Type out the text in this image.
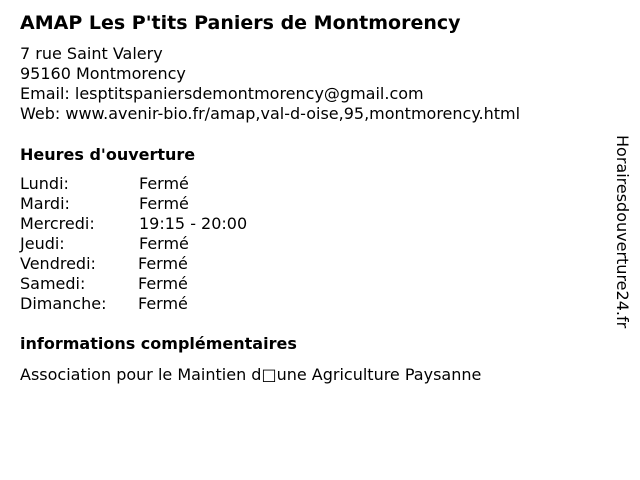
AMAP Les P'tits Paniers de Montmorency
7 rue Saint Valery
95160 Montmorency
Email: lesptitspaniersdemontmorency@gmail.com
Web: www.avenir-bio.fr/amap,val-d-oise,95,montmorency.html
Heures d'ouverture
Lundi:	Fermé
Mardi:	Fermé
Mercredi:	19:15 - 20:00
Jeudi:	Fermé
Vendredi:	Fermé
Samedi:	Fermé
Dimanche: Fermé
informations complémentaires
Association pour le Maintien d□une Agriculture Paysanne
Horairesdouverture24.fr
